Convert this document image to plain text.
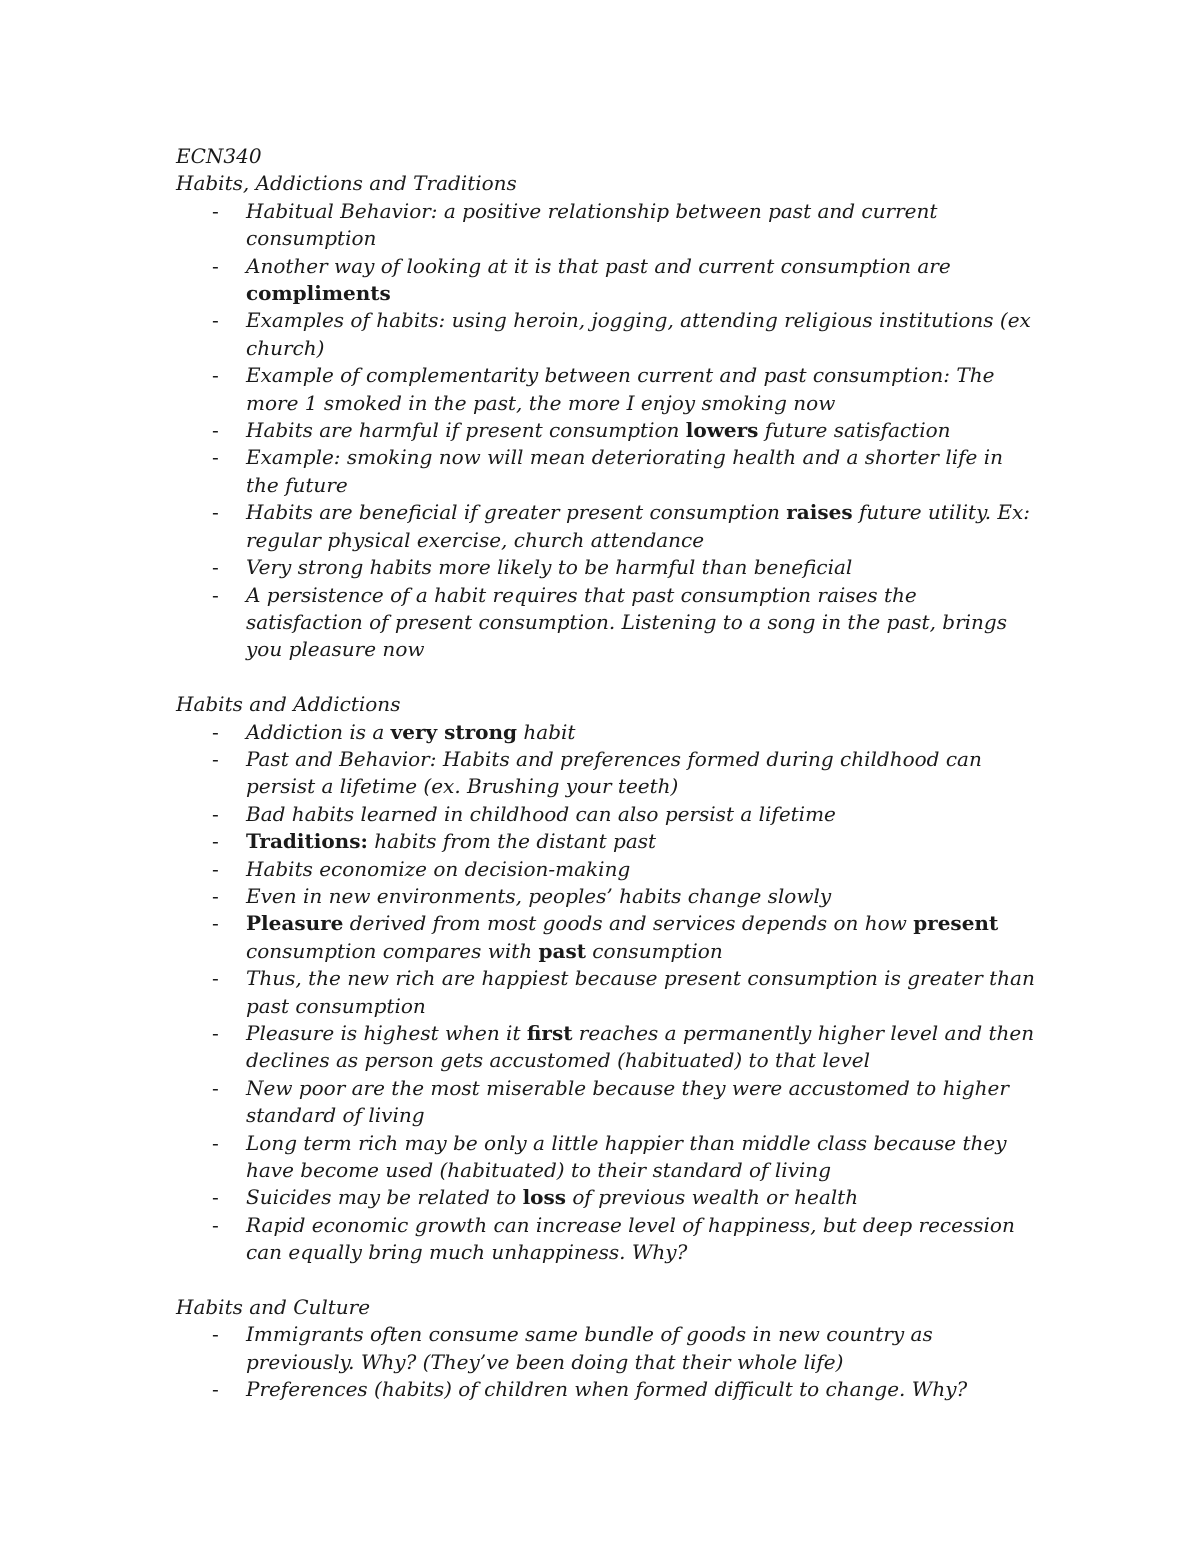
ECN340

Habits, Addictions and Traditions

- Habitual Behavior: a positive relationship between past and current consumption
- Another way of looking at it is that past and current consumption are compliments
- Examples of habits: using heroin, jogging, attending religious institutions (ex church)
- Example of complementarity between current and past consumption: The more 1 smoked in the past, the more I enjoy smoking now
- Habits are harmful if present consumption lowers future satisfaction
- Example: smoking now will mean deteriorating health and a shorter life in the future
- Habits are beneficial if greater present consumption raises future utility. Ex: regular physical exercise, church attendance
- Very strong habits more likely to be harmful than beneficial
- A persistence of a habit requires that past consumption raises the satisfaction of present consumption. Listening to a song in the past, brings you pleasure now

Habits and Addictions

- Addiction is a very strong habit
- Past and Behavior: Habits and preferences formed during childhood can persist a lifetime (ex. Brushing your teeth)
- Bad habits learned in childhood can also persist a lifetime
- Traditions: habits from the distant past
- Habits economize on decision-making
- Even in new environments, peoples’ habits change slowly
- Pleasure derived from most goods and services depends on how present consumption compares with past consumption
- Thus, the new rich are happiest because present consumption is greater than past consumption
- Pleasure is highest when it first reaches a permanently higher level and then declines as person gets accustomed (habituated) to that level
- New poor are the most miserable because they were accustomed to higher standard of living
- Long term rich may be only a little happier than middle class because they have become used (habituated) to their standard of living
- Suicides may be related to loss of previous wealth or health
- Rapid economic growth can increase level of happiness, but deep recession can equally bring much unhappiness. Why?

Habits and Culture

- Immigrants often consume same bundle of goods in new country as previously. Why? (They’ve been doing that their whole life)
- Preferences (habits) of children when formed difficult to change. Why?
